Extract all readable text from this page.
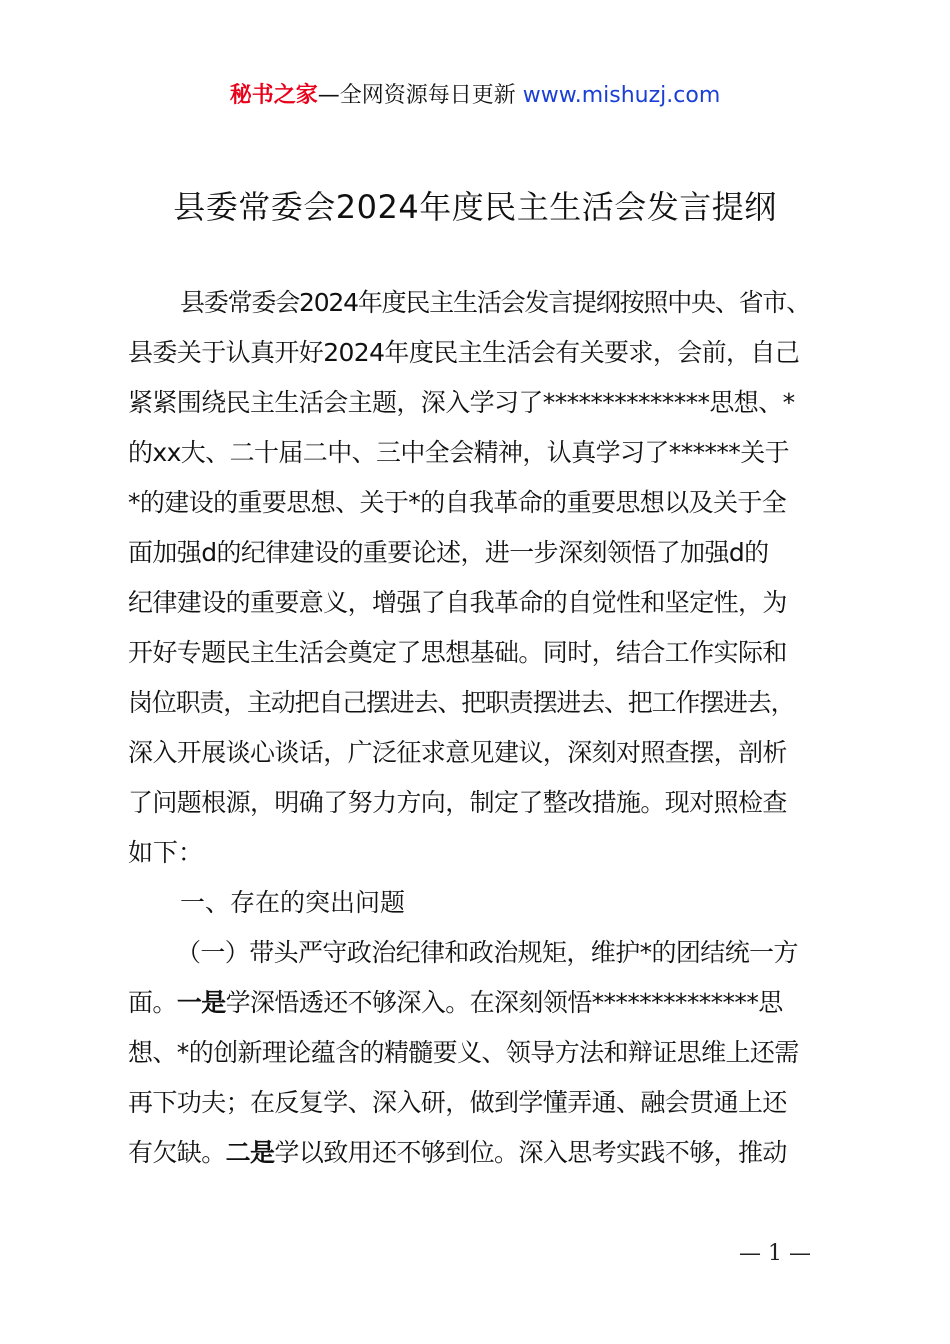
秘书之家—全网资源每日更新 www.mishuzj.com
县委常委会2024年度民主生活会发言提纲
县委常委会2024年度民主生活会发言提纲按照中央、省市、
县委关于认真开好2024年度民主生活会有关要求，会前，自己
紧紧围绕民主生活会主题，深入学习了**************思想、*
的xx大、二十届二中、三中全会精神，认真学习了******关于
*的建设的重要思想、关于*的自我革命的重要思想以及关于全
面加强d的纪律建设的重要论述，进一步深刻领悟了加强d的
纪律建设的重要意义，增强了自我革命的自觉性和坚定性，为
开好专题民主生活会奠定了思想基础。同时，结合工作实际和
岗位职责，主动把自己摆进去、把职责摆进去、把工作摆进去，
深入开展谈心谈话，广泛征求意见建议，深刻对照查摆，剖析
了问题根源，明确了努力方向，制定了整改措施。现对照检查
如下：
一、存在的突出问题
（一）带头严守政治纪律和政治规矩，维护*的团结统一方
面。一是学深悟透还不够深入。在深刻领悟**************思
想、*的创新理论蕴含的精髓要义、领导方法和辩证思维上还需
再下功夫；在反复学、深入研，做到学懂弄通、融会贯通上还
有欠缺。二是学以致用还不够到位。深入思考实践不够，推动
— 1 —
